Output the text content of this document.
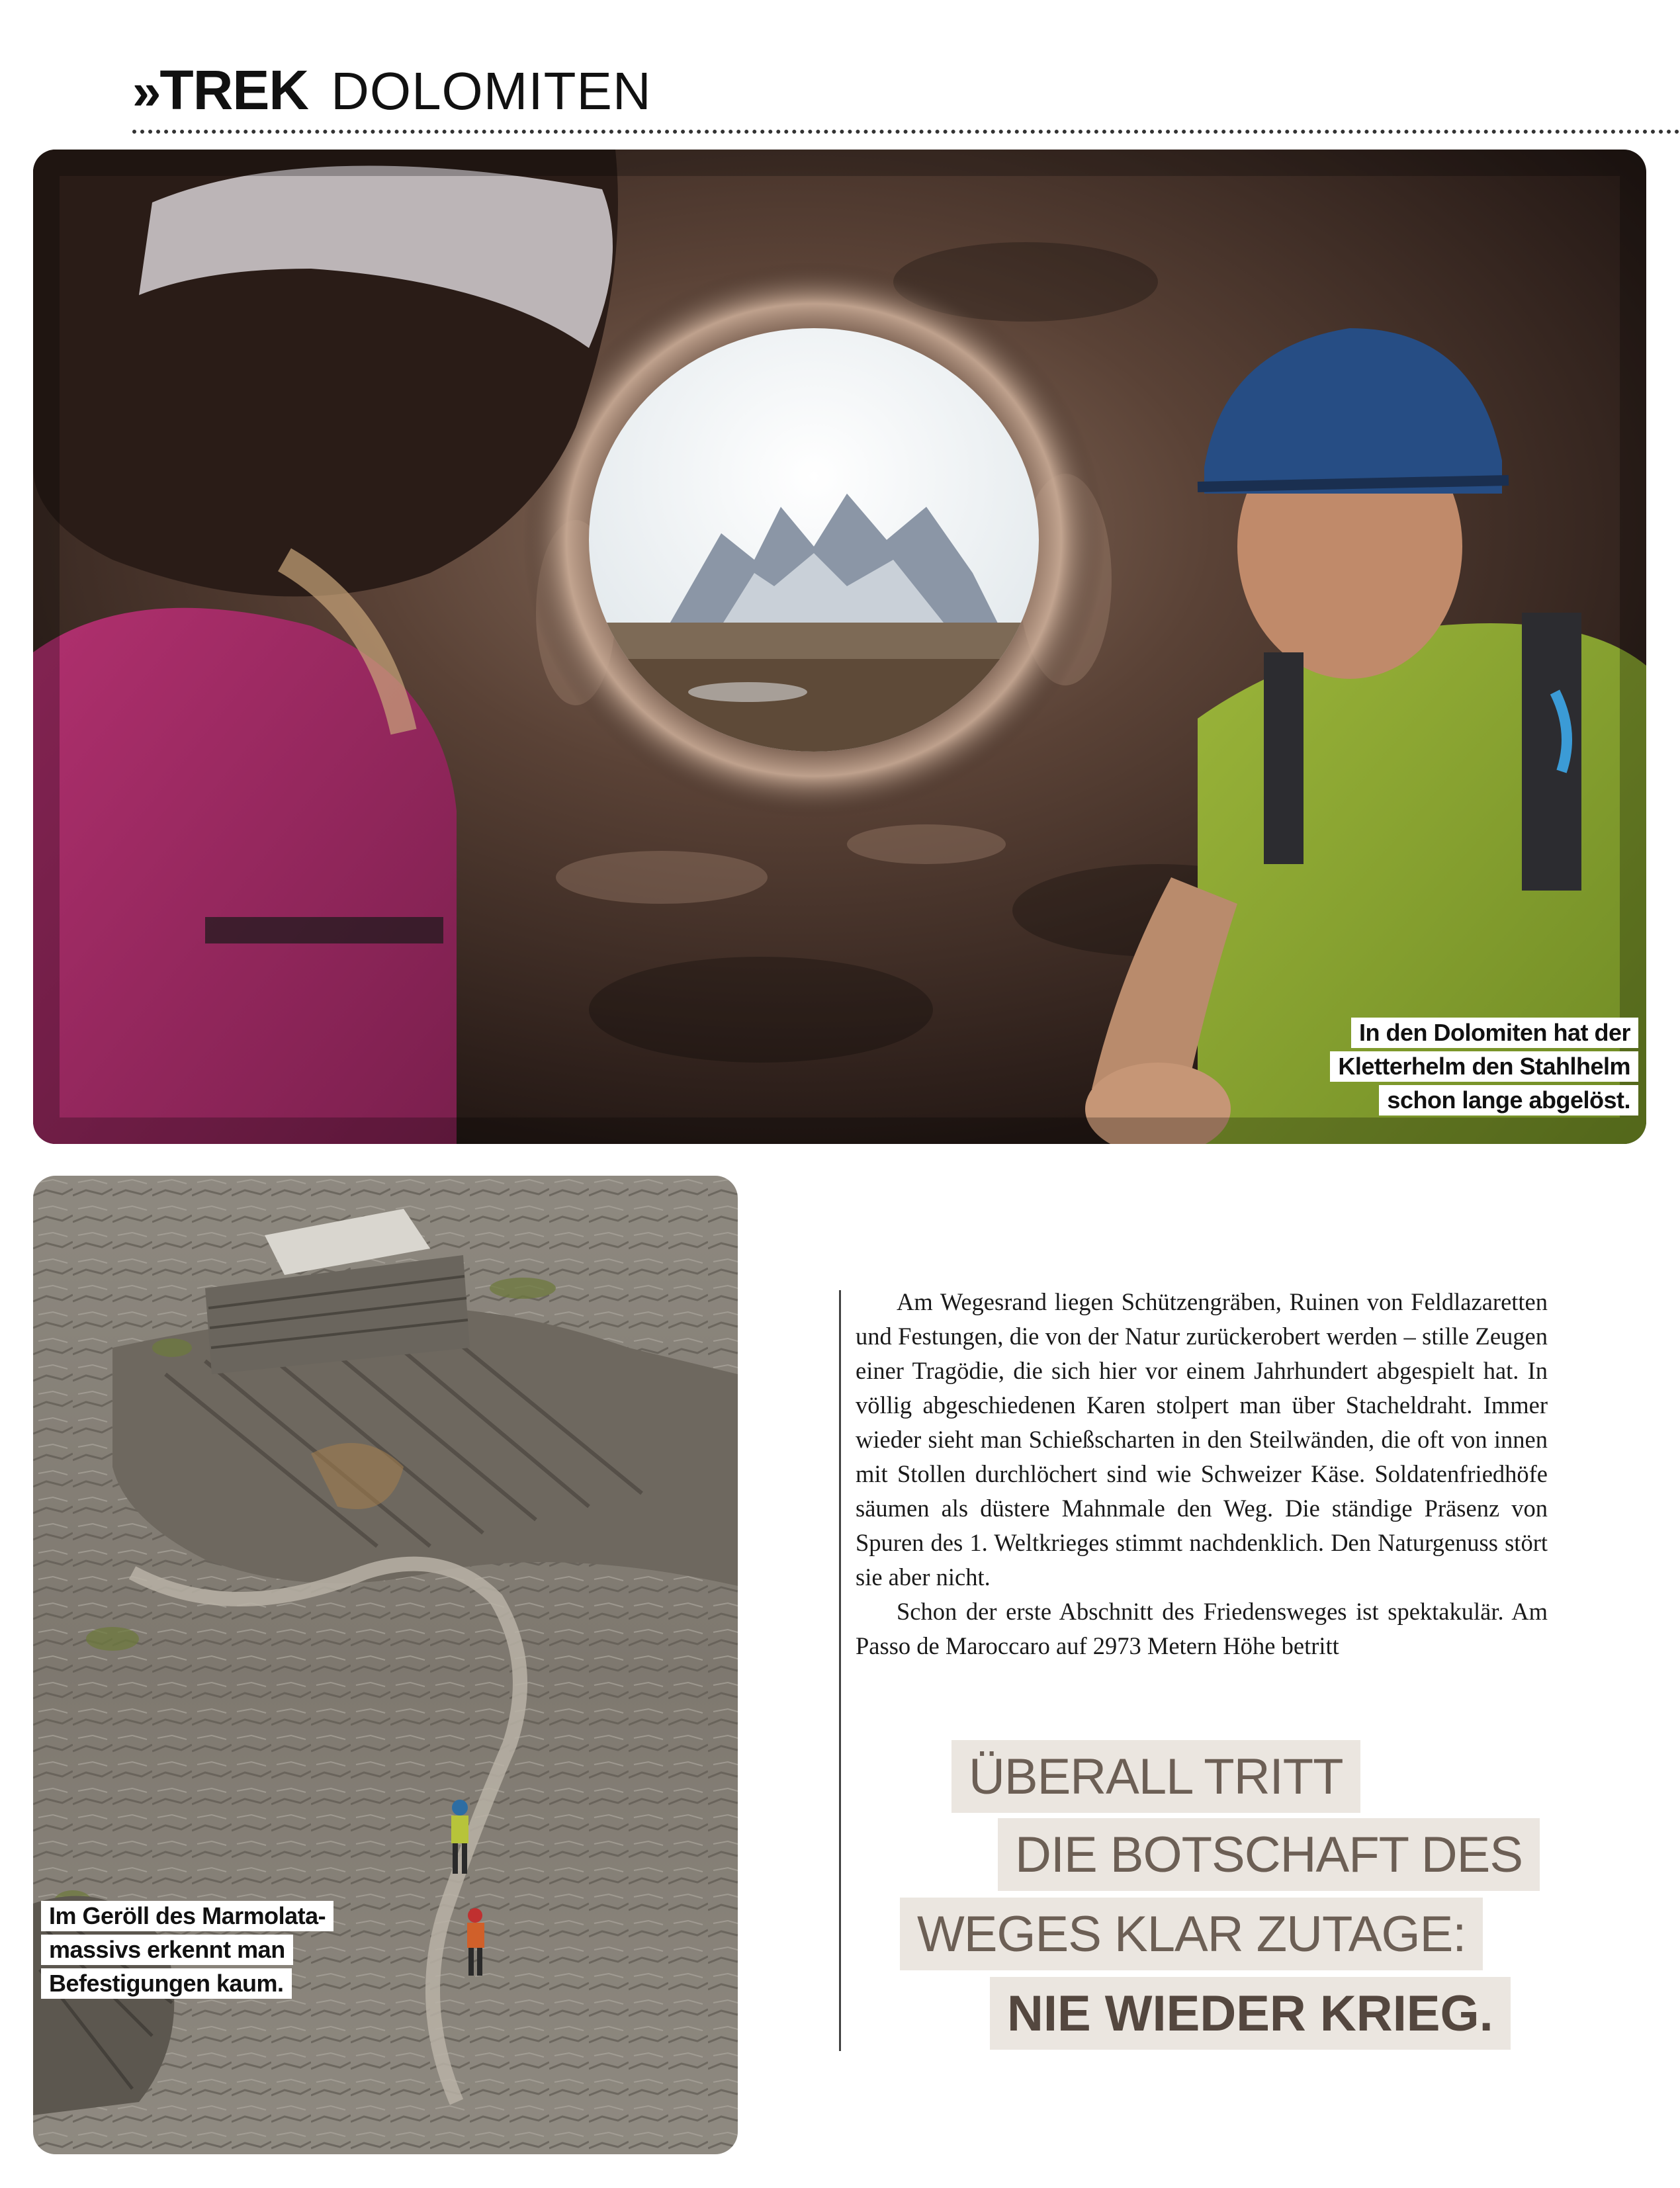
» TREK DOLOMITEN
In den Dolomiten hat der
Kletterhelm den Stahlhelm
schon lange abgelöst.
Im Geröll des Marmolata-
massivs erkennt man
Befestigungen kaum.

Am Wegesrand liegen Schützengräben, Ruinen von Feldlazaretten und Festungen, die von der Natur zurückerobert werden – stille Zeugen einer Tragödie, die sich hier vor einem Jahrhundert abgespielt hat. In völlig abgeschiedenen Karen stolpert man über Stacheldraht. Immer wieder sieht man Schießscharten in den Steilwänden, die oft von innen mit Stollen durchlöchert sind wie Schweizer Käse. Soldatenfriedhöfe säumen als düstere Mahnmale den Weg. Die ständige Präsenz von Spuren des 1. Weltkrieges stimmt nachdenklich. Den Naturgenuss stört sie aber nicht.

Schon der erste Abschnitt des Friedensweges ist spektakulär. Am Passo de Maroccaro auf 2973 Metern Höhe betritt

ÜBERALL TRITT
DIE BOTSCHAFT DES
WEGES KLAR ZUTAGE:
NIE WIEDER KRIEG.
